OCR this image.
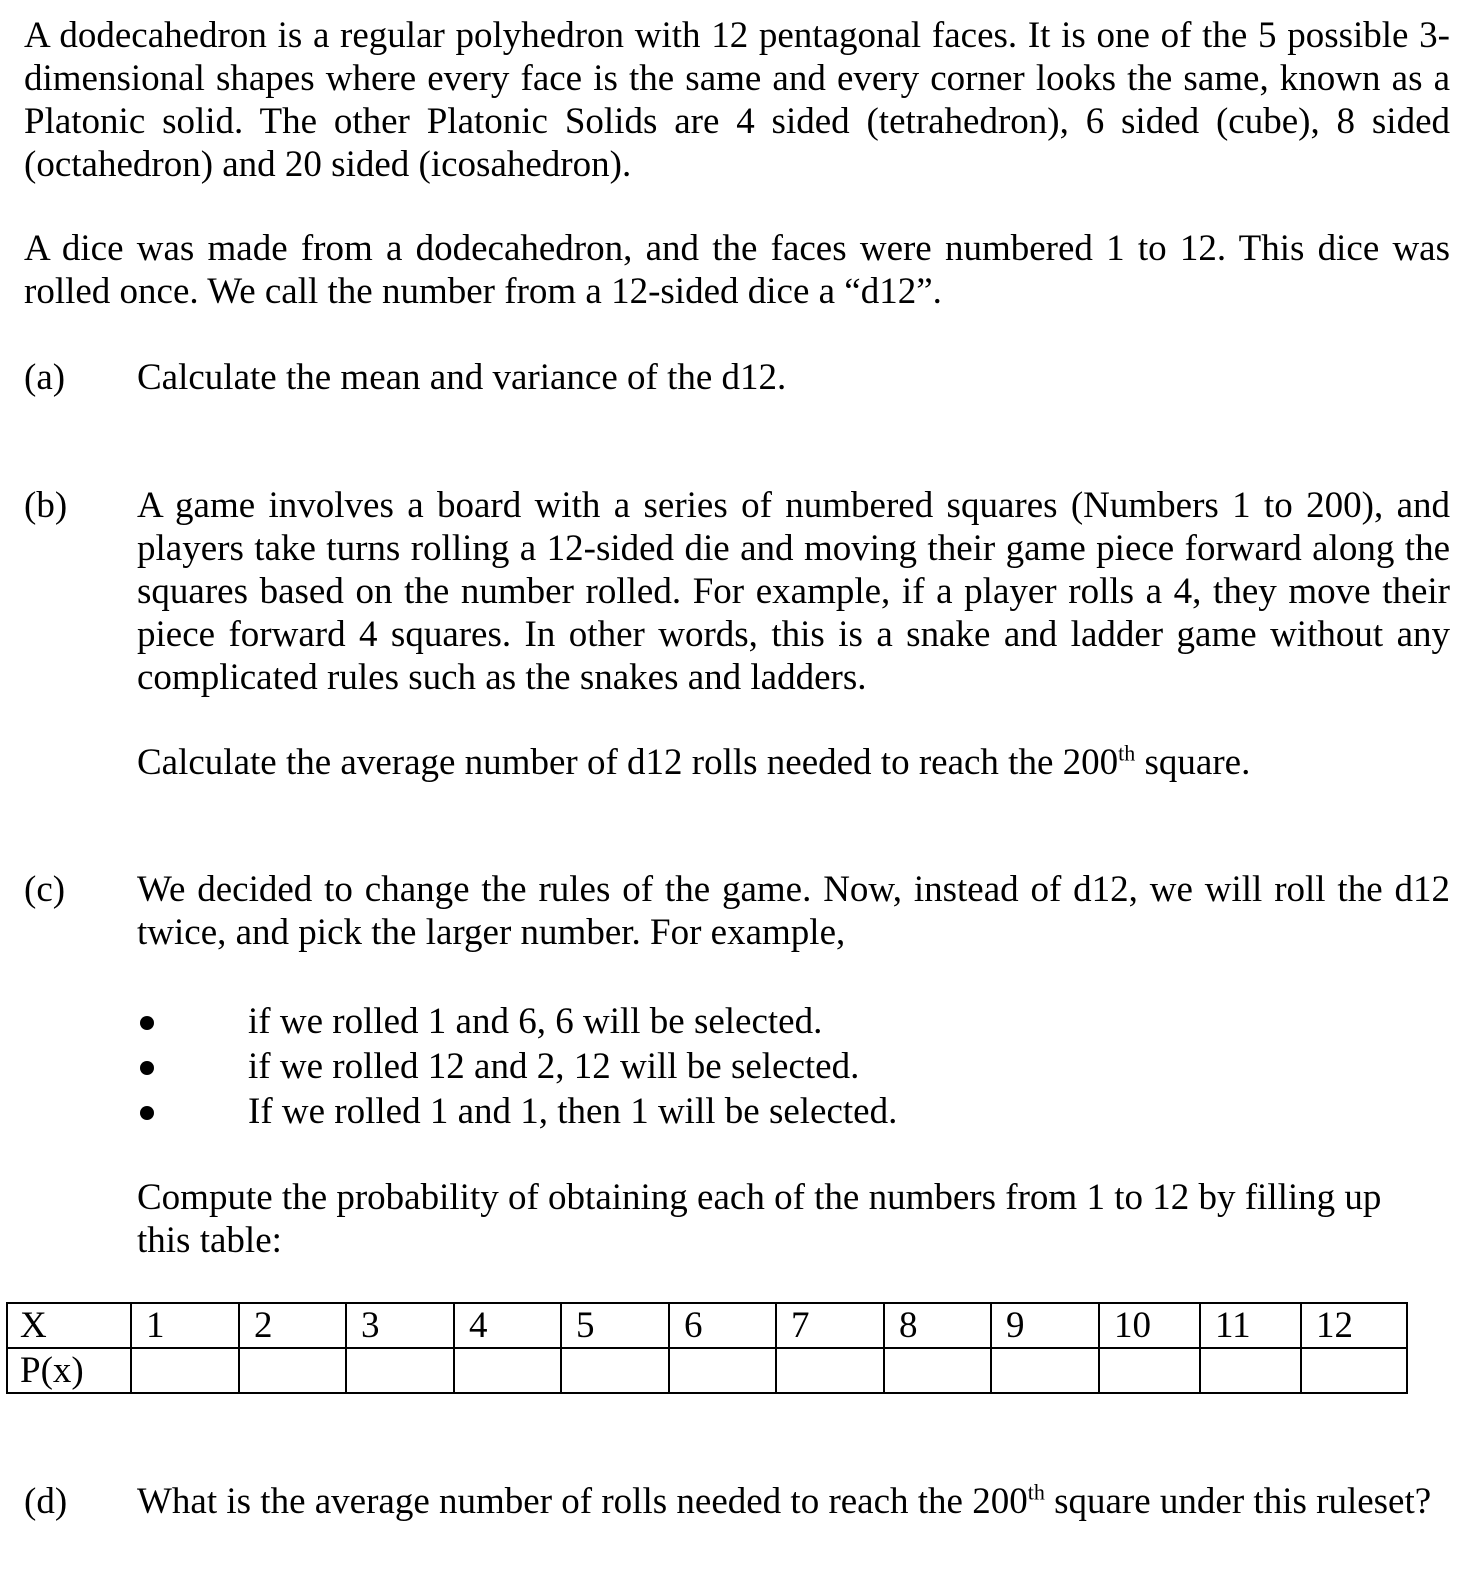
A dodecahedron is a regular polyhedron with 12 pentagonal faces. It is one of the 5 possible 3-dimensional shapes where every face is the same and every corner looks the same, known as a Platonic solid. The other Platonic Solids are 4 sided (tetrahedron), 6 sided (cube), 8 sided (octahedron) and 20 sided (icosahedron).

A dice was made from a dodecahedron, and the faces were numbered 1 to 12. This dice was rolled once. We call the number from a 12-sided dice a “d12”.

(a) Calculate the mean and variance of the d12.

(b) A game involves a board with a series of numbered squares (Numbers 1 to 200), and players take turns rolling a 12-sided die and moving their game piece forward along the squares based on the number rolled. For example, if a player rolls a 4, they move their piece forward 4 squares. In other words, this is a snake and ladder game without any complicated rules such as the snakes and ladders.

Calculate the average number of d12 rolls needed to reach the 200th square.

(c) We decided to change the rules of the game. Now, instead of d12, we will roll the d12 twice, and pick the larger number. For example,

if we rolled 1 and 6, 6 will be selected.

if we rolled 12 and 2, 12 will be selected.

If we rolled 1 and 1, then 1 will be selected.

Compute the probability of obtaining each of the numbers from 1 to 12 by filling up this table:

X	1	2	3	4	5	6	7	8	9	10	11	12
P(x)												

(d) What is the average number of rolls needed to reach the 200th square under this ruleset?
